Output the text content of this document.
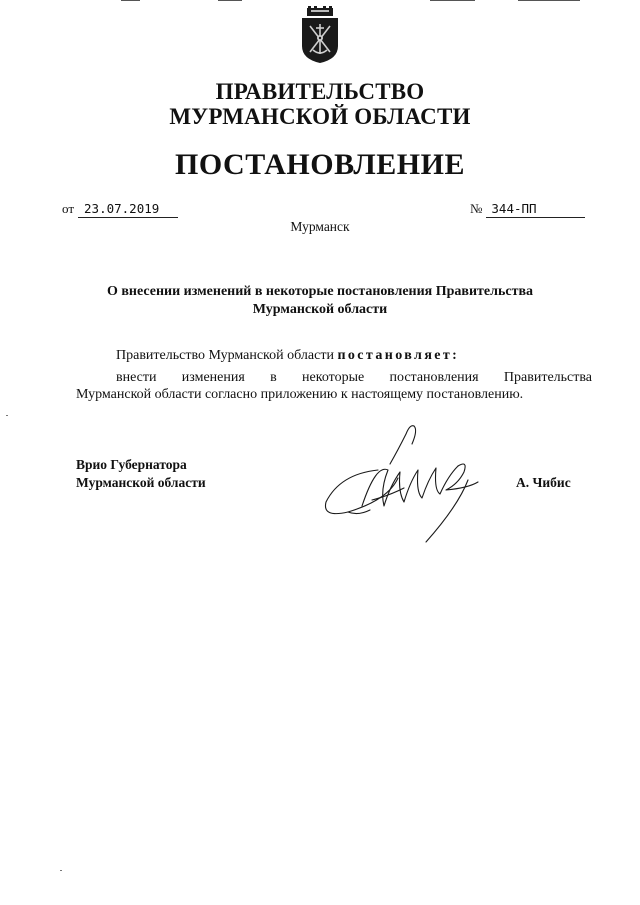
ПРАВИТЕЛЬСТВО
МУРМАНСКОЙ ОБЛАСТИ
ПОСТАНОВЛЕНИЕ
от 23.07.2019	№ 344-ПП
Мурманск
О внесении изменений в некоторые постановления Правительства
Мурманской области
Правительство Мурманской области постановляет:
внести изменения в некоторые постановления Правительства
Мурманской области согласно приложению к настоящему постановлению.
Врио Губернатора
Мурманской области	А. Чибис
